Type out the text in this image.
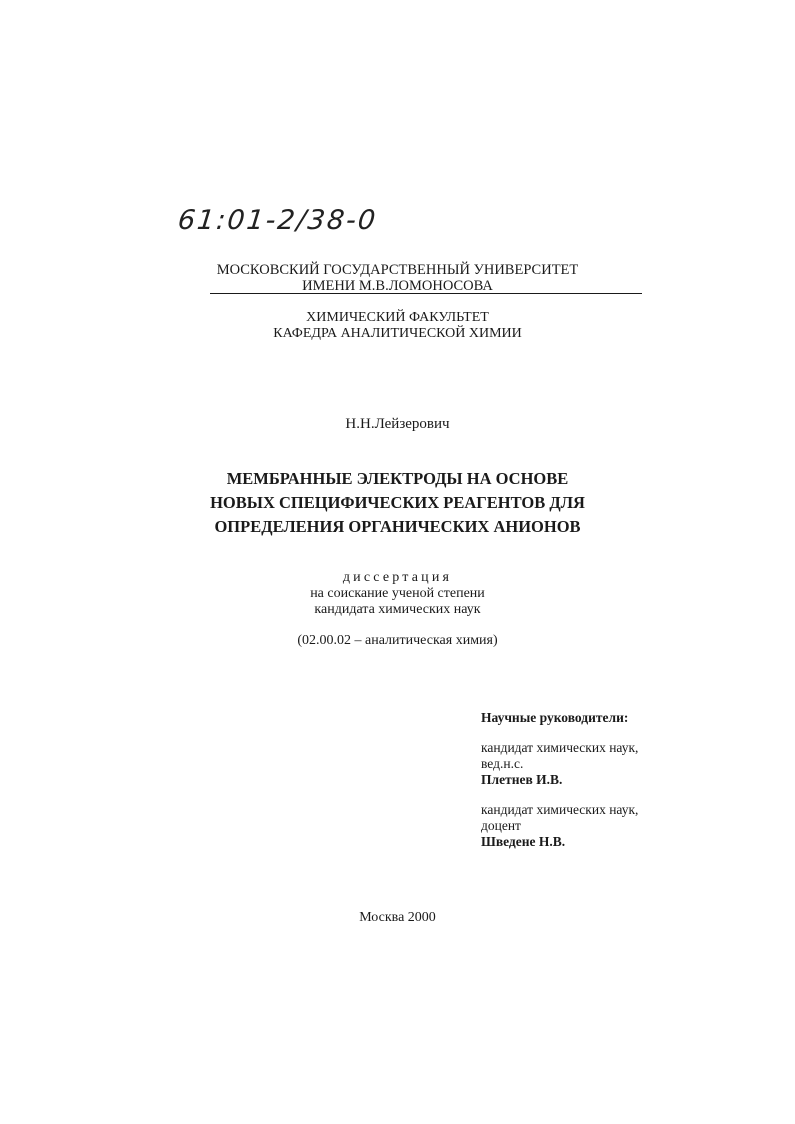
61:01-2/38-0
МОСКОВСКИЙ ГОСУДАРСТВЕННЫЙ УНИВЕРСИТЕТ
ИМЕНИ М.В.ЛОМОНОСОВА
ХИМИЧЕСКИЙ ФАКУЛЬТЕТ
КАФЕДРА АНАЛИТИЧЕСКОЙ ХИМИИ
Н.Н.Лейзерович
МЕМБРАННЫЕ ЭЛЕКТРОДЫ НА ОСНОВЕ
НОВЫХ СПЕЦИФИЧЕСКИХ РЕАГЕНТОВ ДЛЯ
ОПРЕДЕЛЕНИЯ ОРГАНИЧЕСКИХ АНИОНОВ
диссертация
на соискание ученой степени
кандидата химических наук
(02.00.02 – аналитическая химия)
Научные руководители:
кандидат химических наук,
вед.н.с.
Плетнев И.В.
кандидат химических наук,
доцент
Шведене Н.В.
Москва 2000
